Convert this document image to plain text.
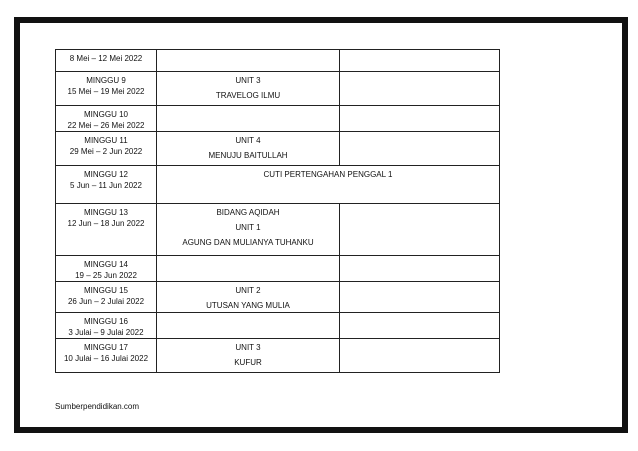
8 Mei – 12 Mei 2022		

MINGGU 9
15 Mei – 19 Mei 2022	UNIT 3
TRAVELOG ILMU	

MINGGU 10
22 Mei – 26 Mei 2022		

MINGGU 11
29 Mei – 2 Jun 2022	UNIT 4
MENUJU BAITULLAH	

MINGGU 12
5 Jun – 11 Jun 2022	CUTI PERTENGAHAN PENGGAL 1	

MINGGU 13
12 Jun – 18 Jun 2022	BIDANG AQIDAH
UNIT 1
AGUNG DAN MULIANYA TUHANKU	

MINGGU 14
19 – 25 Jun 2022		

MINGGU 15
26 Jun – 2 Julai 2022	UNIT 2
UTUSAN YANG MULIA	

MINGGU 16
3 Julai – 9 Julai 2022		

MINGGU 17
10 Julai – 16 Julai 2022	UNIT 3
KUFUR	

Sumberpendidikan.com
